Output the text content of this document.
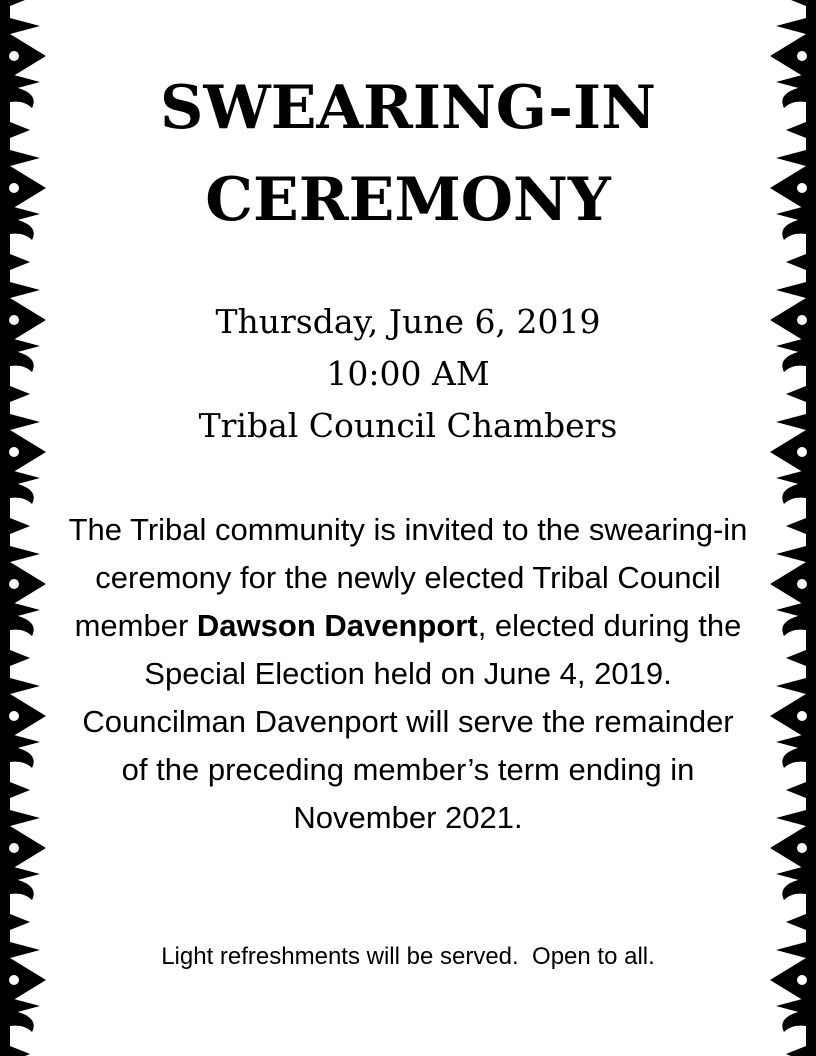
SWEARING-IN
CEREMONY
Thursday, June 6, 2019
10:00 AM
Tribal Council Chambers

The Tribal community is invited to the swearing-in ceremony for the newly elected Tribal Council member Dawson Davenport, elected during the Special Election held on June 4, 2019. Councilman Davenport will serve the remainder of the preceding member’s term ending in November 2021.

Light refreshments will be served.  Open to all.
